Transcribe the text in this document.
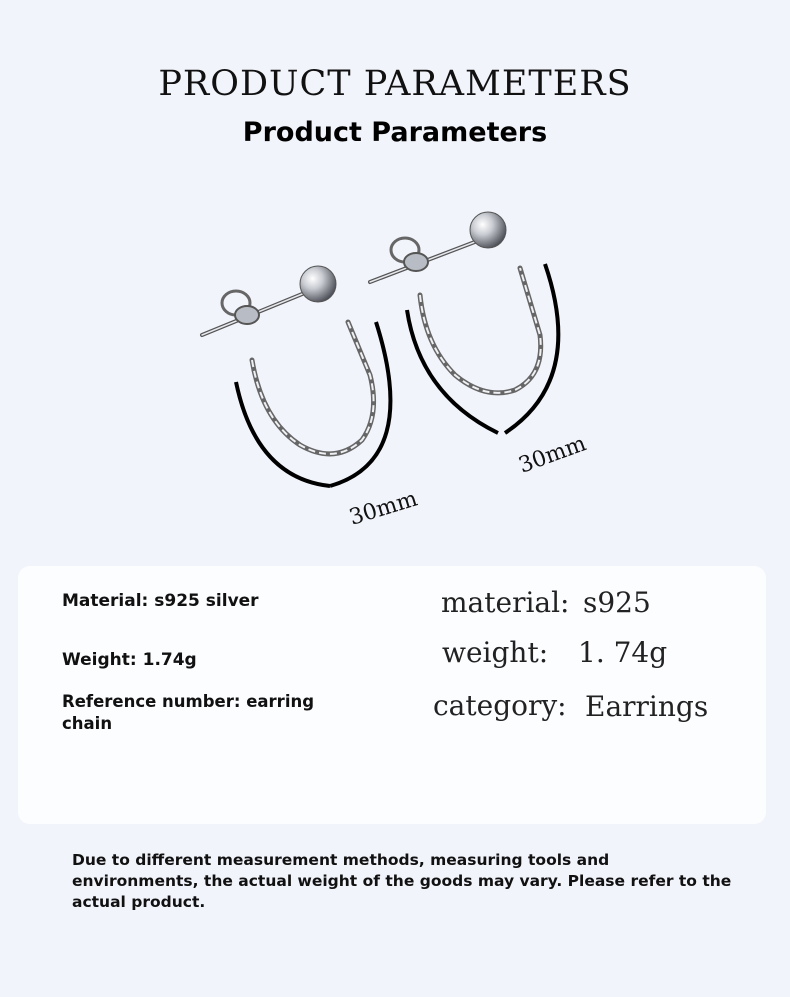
PRODUCT PARAMETERS
Product Parameters
30mm
30mm
Material: s925 silver
Weight: 1.74g
Reference number: earring chain
material: s925
weight: 1. 74g
category: Earrings
Due to different measurement methods, measuring tools and environments, the actual weight of the goods may vary. Please refer to the actual product.
